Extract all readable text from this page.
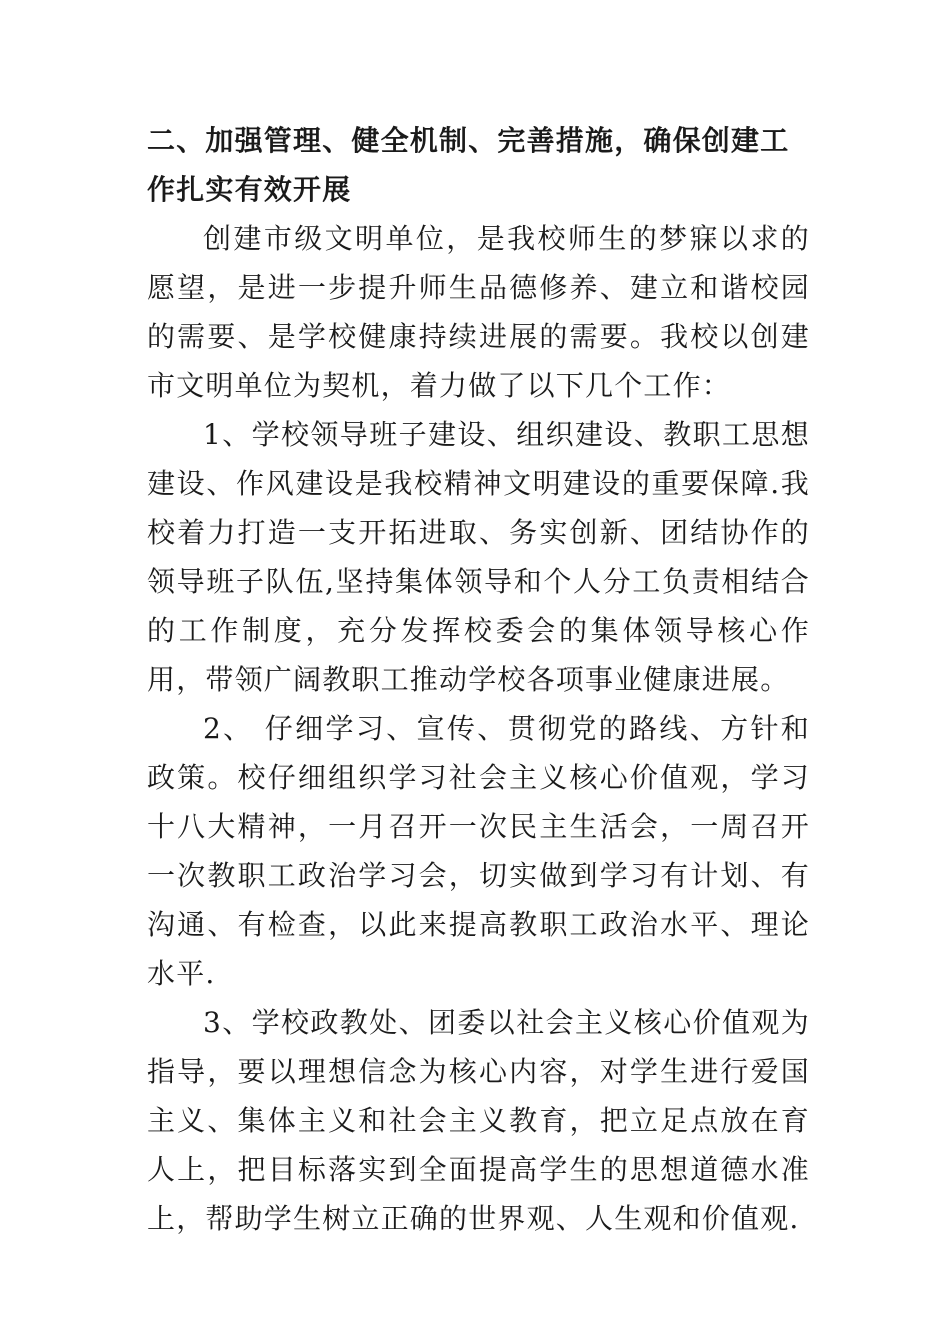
二、加强管理、健全机制、完善措施，确保创建工作扎实有效开展

创建市级文明单位，是我校师生的梦寐以求的愿望，是进一步提升师生品德修养、建立和谐校园的需要、是学校健康持续进展的需要。我校以创建市文明单位为契机，着力做了以下几个工作：

1、学校领导班子建设、组织建设、教职工思想建设、作风建设是我校精神文明建设的重要保障.我校着力打造一支开拓进取、务实创新、团结协作的领导班子队伍,坚持集体领导和个人分工负责相结合的工作制度，充分发挥校委会的集体领导核心作用，带领广阔教职工推动学校各项事业健康进展。

2、 仔细学习、宣传、贯彻党的路线、方针和政策。校仔细组织学习社会主义核心价值观，学习十八大精神，一月召开一次民主生活会，一周召开一次教职工政治学习会，切实做到学习有计划、有沟通、有检查，以此来提高教职工政治水平、理论水平.

3、学校政教处、团委以社会主义核心价值观为指导，要以理想信念为核心内容，对学生进行爱国主义、集体主义和社会主义教育，把立足点放在育人上，把目标落实到全面提高学生的思想道德水准上，帮助学生树立正确的世界观、人生观和价值观.
